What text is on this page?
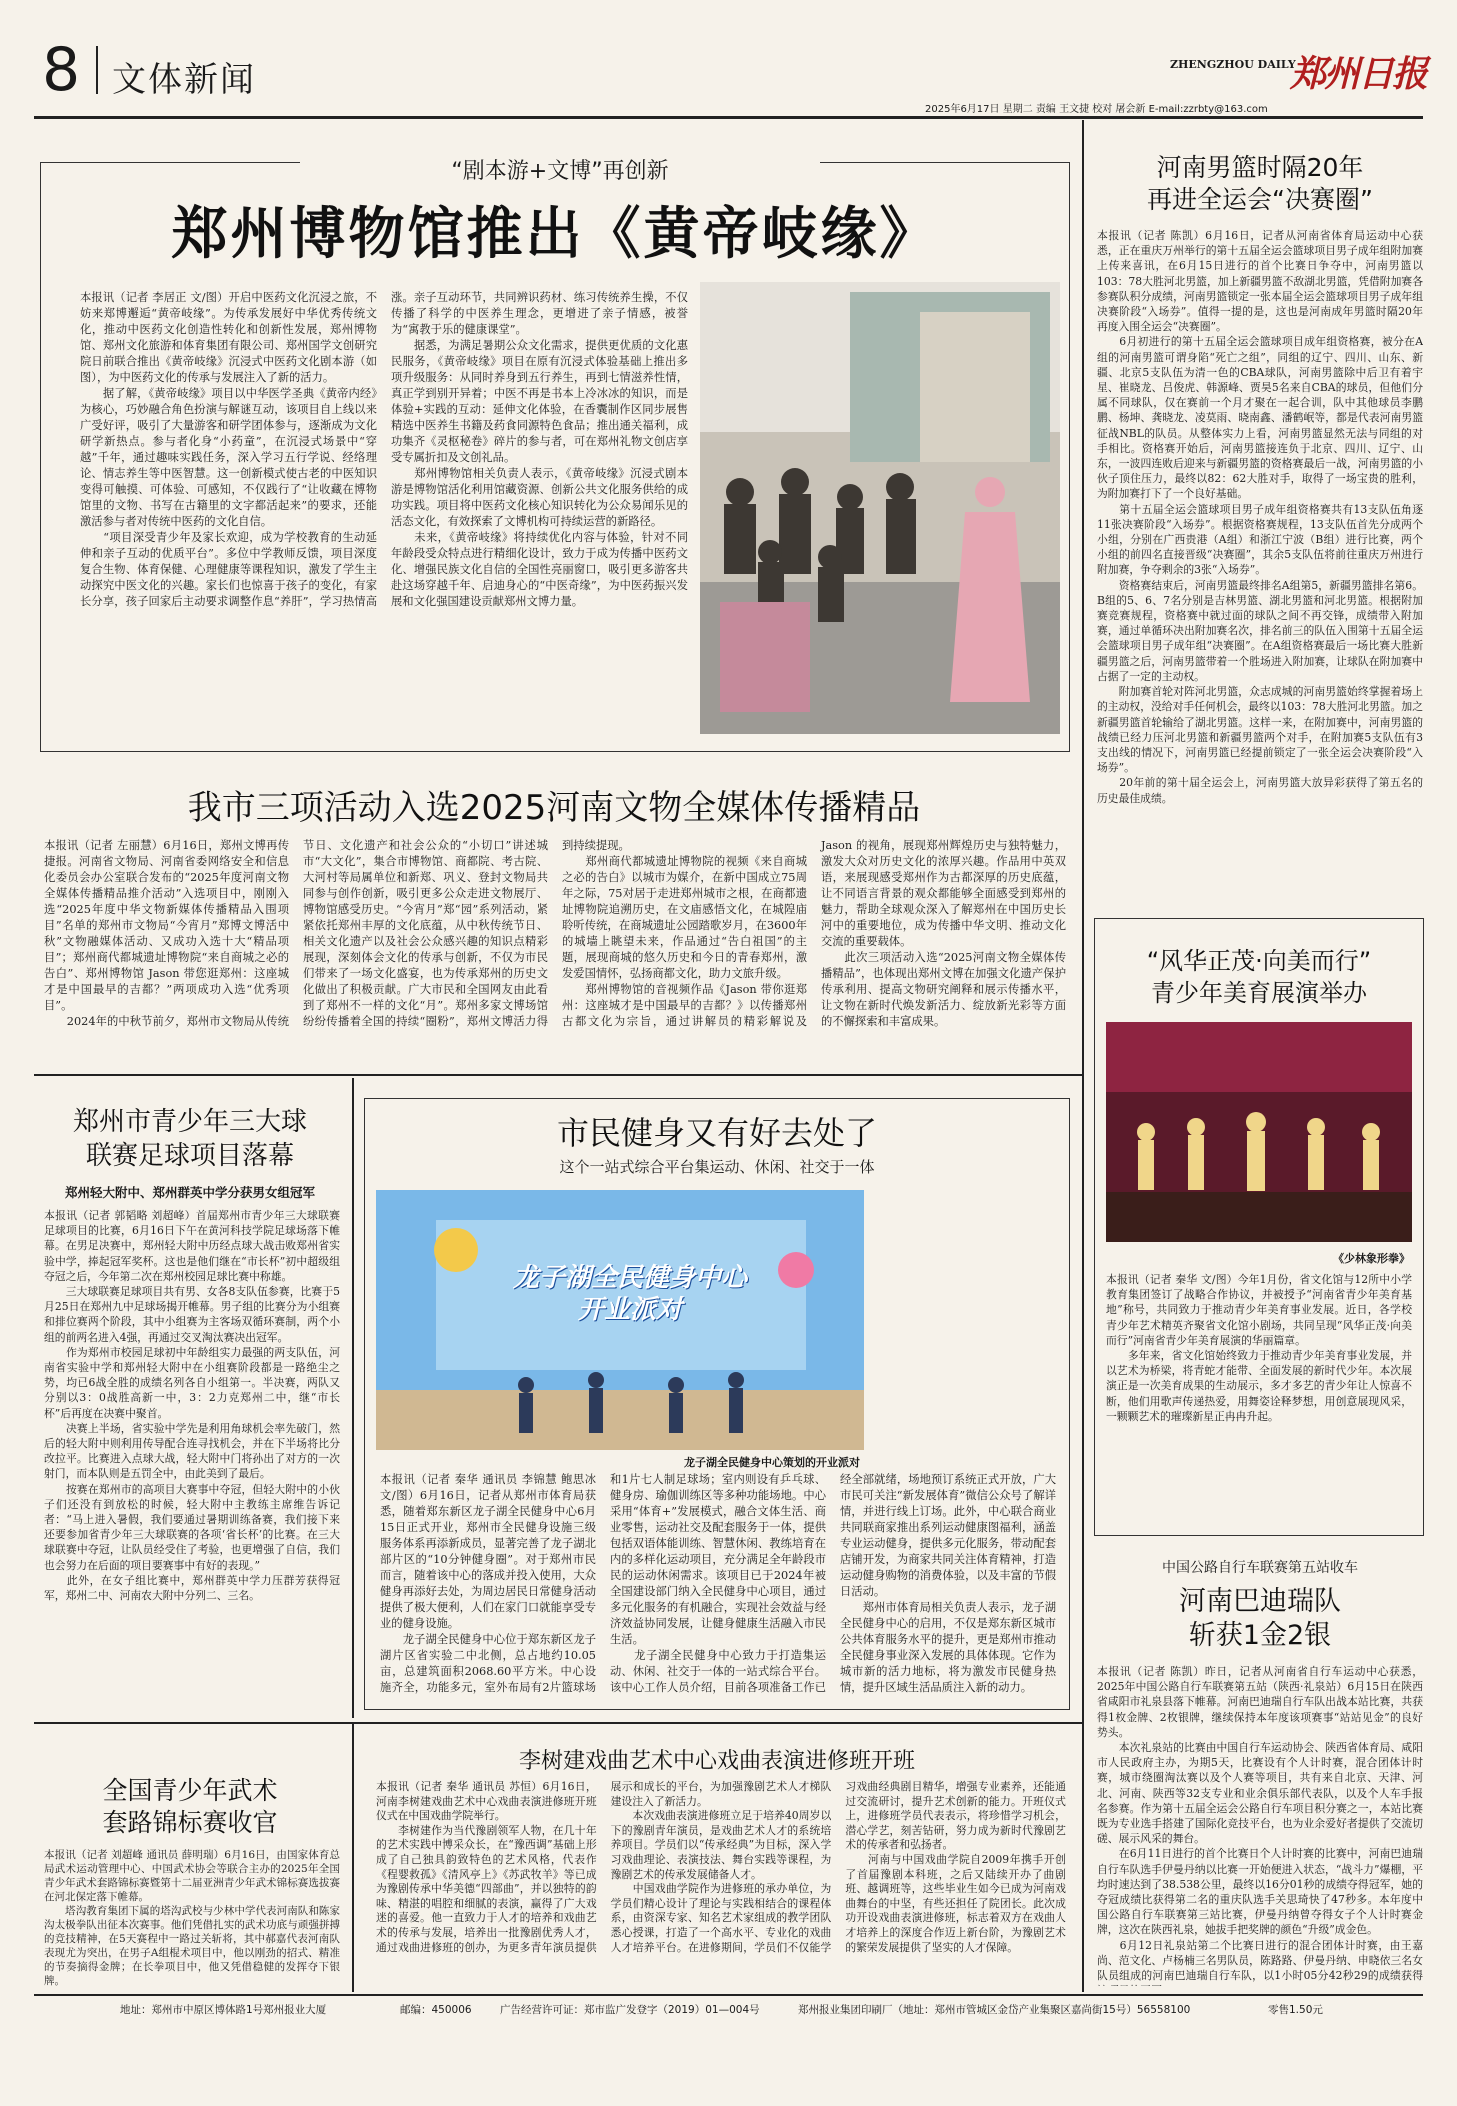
8 文体新闻	ZHENGZHOU DAILY
郑州日报
2025年6月17日 星期二 责编 王文捷 校对 屠会新 E-mail:zzrbty@163.com
“剧本游+文博”再创新
郑州博物馆推出《黄帝岐缘》
本报讯（记者 李居正 文/图）开启中医药文化沉浸之旅，不妨来郑博邂逅“黄帝岐缘”。为传承发展好中华优秀传统文化，推动中医药文化创造性转化和创新性发展，郑州博物馆、郑州文化旅游和体育集团有限公司、郑州国学文创研究院日前联合推出《黄帝岐缘》沉浸式中医药文化剧本游（如图），为中医药文化的传承与发展注入了新的活力。
　　据了解，《黄帝岐缘》项目以中华医学圣典《黄帝内经》为核心，巧妙融合角色扮演与解谜互动，该项目自上线以来广受好评，吸引了大量游客和研学团体参与，逐渐成为文化研学新热点。参与者化身“小药童”，在沉浸式场景中“穿越”千年，通过趣味实践任务，深入学习五行学说、经络理论、情志养生等中医智慧。这一创新模式使古老的中医知识变得可触摸、可体验、可感知，不仅践行了“让收藏在博物馆里的文物、书写在古籍里的文字都活起来”的要求，还能激活参与者对传统中医药的文化自信。
　　“项目深受青少年及家长欢迎，成为学校教育的生动延伸和亲子互动的优质平台”。多位中学教师反馈，项目深度复合生物、体育保健、心理健康等课程知识，激发了学生主动探究中医文化的兴趣。家长们也惊喜于孩子的变化，有家长分享，孩子回家后主动要求调整作息“养肝”，学习热情高涨。亲子互动环节，共同辨识药材、练习传统养生操，不仅传播了科学的中医养生理念，更增进了亲子情感，被誉为“寓教于乐的健康课堂”。
　　据悉，为满足暑期公众文化需求，提供更优质的文化惠民服务，《黄帝岐缘》项目在原有沉浸式体验基础上推出多项升级服务：从同时养身到五行养生，再到七情滋养性情，真正学到别开异着；中医不再是书本上冷冰冰的知识，而是体验+实践的互动：延伸文化体验，在香囊制作区同步展售精选中医养生书籍及药食同源特色食品；推出通关福利，成功集齐《灵枢秘卷》碎片的参与者，可在郑州礼物文创店享受专属折扣及文创礼品。
　　郑州博物馆相关负责人表示，《黄帝岐缘》沉浸式剧本游是博物馆活化利用馆藏资源、创新公共文化服务供给的成功实践。项目将中医药文化核心知识转化为公众易闻乐见的活态文化，有效探索了文博机构可持续运营的新路径。
　　未来，《黄帝岐缘》将持续优化内容与体验，针对不同年龄段受众特点进行精细化设计，致力于成为传播中医药文化、增强民族文化自信的全国性亮丽窗口，吸引更多游客共赴这场穿越千年、启迪身心的“中医奇缘”，为中医药振兴发展和文化强国建设贡献郑州文博力量。
我市三项活动入选2025河南文物全媒体传播精品
本报讯（记者 左丽慧）6月16日，郑州文博再传捷报。河南省文物局、河南省委网络安全和信息化委员会办公室联合发布的“2025年度河南文物全媒体传播精品推介活动”入选项目中，刚刚入选“2025年度中华文物新媒体传播精品入围项目”名单的郑州市文物局“今宵月”郑博文博活中秋”文物融媒体活动、又成功入选十大“精品项目”；郑州商代都城遗址博物院“来自商城之必的告白”、郑州博物馆 Jason 带您逛郑州：这座城才是中国最早的吉都？”两项成功入选“优秀项目”。
　　2024年的中秋节前夕，郑州市文物局从传统节日、文化遗产和社会公众的“小切口”讲述城市“大文化”，集合市博物馆、商都院、考古院、大河村等局属单位和新郑、巩义、登封文物局共同参与创作创新，吸引更多公众走进文物展厅、博物馆感受历史。“今宵月”郑“园”系列活动，紧紧依托郑州丰厚的文化底蕴，从中秋传统节日、相关文化遗产以及社会公众感兴趣的知识点精彩展现，深刻体会文化的传承与创新，不仅为市民们带来了一场文化盛宴，也为传承郑州的历史文化做出了积极贡献。广大市民和全国网友由此看到了郑州不一样的文化“月”。郑州多家文博场馆纷纷传播着全国的持续“圈粉”，郑州文博活力得到持续提现。
　　郑州商代都城遗址博物院的视频《来自商城之必的告白》以城市为媒介，在新中国成立75周年之际，75对居于走进郑州城市之根，在商都遗址博物院追溯历史，在文庙感悟文化，在城隍庙聆听传统，在商城遗址公园踏歌岁月，在3600年的城墙上眺望未来，作品通过“告白祖国”的主题，展现商城的悠久历史和今日的青春郑州，激发爱国情怀，弘扬商都文化，助力文旅升级。
　　郑州博物馆的音视频作品《Jason 带你逛郑州：这座城才是中国最早的吉都？》以传播郑州古都文化为宗旨，通过讲解员的精彩解说及 Jason 的视角，展现郑州辉煌历史与独特魅力，激发大众对历史文化的浓厚兴趣。作品用中英双语，来展现感受郑州作为古都深厚的历史底蕴，让不同语言背景的观众都能够全面感受到郑州的魅力，帮助全球观众深入了解郑州在中国历史长河中的重要地位，成为传播中华文明、推动文化交流的重要载体。
　　此次三项活动入选“2025河南文物全媒体传播精品”，也体现出郑州文博在加强文化遗产保护传承利用、提高文物研究阐释和展示传播水平，让文物在新时代焕发新活力、绽放新光彩等方面的不懈探索和丰富成果。
河南男篮时隔20年
再进全运会“决赛圈”
本报讯（记者 陈凯）6月16日，记者从河南省体育局运动中心获悉，正在重庆万州举行的第十五届全运会篮球项目男子成年组附加赛上传来喜讯，在6月15日进行的首个比赛日争夺中，河南男篮以103：78大胜河北男篮，加上新疆男篮不敌湖北男篮，凭借附加赛各参赛队积分成绩，河南男篮锁定一张本届全运会篮球项目男子成年组决赛阶段“入场券”。值得一提的是，这也是河南成年男篮时隔20年再度入围全运会“决赛圈”。
　　6月初进行的第十五届全运会篮球项目成年组资格赛，被分在A组的河南男篮可谓身陷“死亡之组”，同组的辽宁、四川、山东、新疆、北京5支队伍为清一色的CBA球队，河南男篮除中后卫有着宇星、崔晓龙、吕俊虎、韩源峰、贾昊5名来自CBA的球员，但他们分属不同球队，仅在赛前一个月才聚在一起合训，队中其他球员李鹏鹏、杨坤、龚晓龙、凌莫雨、晓南鑫、潘鹤岷等，都是代表河南男篮征战NBL的队员。从整体实力上看，河南男篮显然无法与同组的对手相比。资格赛开始后，河南男篮接连负于北京、四川、辽宁、山东，一波四连败后迎来与新疆男篮的资格赛最后一战，河南男篮的小伙子顶住压力，最终以82：62大胜对手，取得了一场宝贵的胜利，为附加赛打下了一个良好基础。
　　第十五届全运会篮球项目男子成年组资格赛共有13支队伍角逐11张决赛阶段“入场券”。根据资格赛规程，13支队伍首先分成两个小组，分别在广西贵港（A组）和浙江宁波（B组）进行比赛，两个小组的前四名直接晋级“决赛圈”，其余5支队伍将前往重庆万州进行附加赛，争夺剩余的3张“入场券”。
　　资格赛结束后，河南男篮最终排名A组第5，新疆男篮排名第6。B组的5、6、7名分别是吉林男篮、湖北男篮和河北男篮。根据附加赛竞赛规程，资格赛中就过面的球队之间不再交锋，成绩带入附加赛，通过单循环决出附加赛名次，排名前三的队伍入围第十五届全运会篮球项目男子成年组“决赛圈”。在A组资格赛最后一场比赛大胜新疆男篮之后，河南男篮带着一个胜场进入附加赛，让球队在附加赛中占据了一定的主动权。
　　附加赛首轮对阵河北男篮，众志成城的河南男篮始终掌握着场上的主动权，没给对手任何机会，最终以103：78大胜河北男篮。加之新疆男篮首轮输给了湖北男篮。这样一来，在附加赛中，河南男篮的战绩已经力压河北男篮和新疆男篮两个对手，在附加赛5支队伍有3支出线的情况下，河南男篮已经提前锁定了一张全运会决赛阶段“入场券”。
　　20年前的第十届全运会上，河南男篮大放异彩获得了第五名的历史最佳成绩。
“风华正茂·向美而行”
青少年美育展演举办
《少林象形拳》
本报讯（记者 秦华 文/图）今年1月份，省文化馆与12所中小学教育集团签订了战略合作协议，并被授予“河南省青少年美育基地”称号，共同致力于推动青少年美育事业发展。近日，各学校青少年艺术精英齐聚省文化馆小剧场，共同呈现“风华正茂·向美而行”河南省青少年美育展演的华丽篇章。
　　多年来，省文化馆始终致力于推动青少年美育事业发展，并以艺术为桥梁，将青蛇才能带、全面发展的新时代少年。本次展演正是一次美育成果的生动展示，多才多艺的青少年让人惊喜不断，他们用歌声传递热爱，用舞姿诠释梦想，用创意展现风采，一颗颗艺术的璀璨新星正冉冉升起。
中国公路自行车联赛第五站收车
河南巴迪瑞队
斩获1金2银
本报讯（记者 陈凯）昨日，记者从河南省自行车运动中心获悉，2025年中国公路自行车联赛第五站（陕西·礼泉站）6月15日在陕西省咸阳市礼泉县落下帷幕。河南巴迪瑞自行车队出战本站比赛，共获得1枚金牌、2枚银牌，继续保持本年度该项赛事“站站见金”的良好势头。
　　本次礼泉站的比赛由中国自行车运动协会、陕西省体育局、咸阳市人民政府主办，为期5天，比赛设有个人计时赛，混合团体计时赛，城市绕圈淘汰赛以及个人赛等项目，共有来自北京、天津、河北、河南、陕西等32支专业和业余俱乐部代表队，以及个人车手报名参赛。作为第十五届全运会公路自行车项目积分赛之一，本站比赛既为专业选手搭建了国际化竞技平台，也为业余爱好者提供了交流切磋、展示风采的舞台。
　　在6月11日进行的首个比赛日个人计时赛的比赛中，河南巴迪瑞自行车队选手伊曼丹纳以比赛一开始便进入状态，“战斗力”爆棚，平均时速达到了38.538公里，最终以16分01秒的成绩夺得冠军，她的夺冠成绩比获得第二名的重庆队选手关思琦快了47秒多。本年度中国公路自行车联赛第三站比赛，伊曼丹纳曾夺得女子个人计时赛金牌，这次在陕西礼泉，她拔手把奖牌的颜色“升级”成金色。
　　6月12日礼泉站第二个比赛日进行的混合团体计时赛，由王嘉尚、范文化、卢杨楠三名男队员，陈路路、伊曼丹纳、申晓依三名女队员组成的河南巴迪瑞自行车队，以1小时05分42秒29的成绩获得

郑州市青少年三大球
联赛足球项目落幕
郑州轻大附中、郑州群英中学分获男女组冠军
本报讯（记者 郭韬略 刘超峰）首届郑州市青少年三大球联赛足球项目的比赛，6月16日下午在黄河科技学院足球场落下帷幕。在男足决赛中，郑州轻大附中历经点球大战击败郑州省实验中学，捧起冠军奖杯。这也是他们继在“市长杯”初中超级组夺冠之后，今年第二次在郑州校园足球比赛中称雄。
　　三大球联赛足球项目共有男、女各8支队伍参赛，比赛于5月25日在郑州九中足球场揭开帷幕。男子组的比赛分为小组赛和排位赛两个阶段，其中小组赛为主客场双循环赛制，两个小组的前两名进入4强，再通过交叉淘汰赛决出冠军。
　　作为郑州市校园足球初中年龄组实力最强的两支队伍，河南省实验中学和郑州轻大附中在小组赛阶段都是一路绝尘之势，均已6战全胜的成绩名列各自小组第一。半决赛，两队又分别以3：0战胜高新一中，3：2力克郑州二中，继“市长杯”后再度在决赛中聚首。
　　决赛上半场，省实验中学先是利用角球机会率先破门，然后的轻大附中则利用传导配合连寻找机会，并在下半场将比分改拉平。比赛进入点球大战，轻大附中门将孙出了对方的一次射门，而本队则是五罚全中，由此美到了最后。
　　按赛在郑州市的高项目大赛事中夺冠，但轻大附中的小伙子们还没有到放松的时候，轻大附中主教练主席维告诉记者：“马上进入暑假，我们要通过暑期训练备赛，我们接下来还要参加省青少年三大球联赛的各项‘省长杯’的比赛。在三大球联赛中夺冠，让队员经受住了考验，也更增强了自信，我们也会努力在后面的项目要赛事中有好的表现。”
　　此外，在女子组比赛中，郑州群英中学力压群芳获得冠军，郑州二中、河南农大附中分列二、三名。
市民健身又有好去处了
这个一站式综合平台集运动、休闲、社交于一体
龙子湖全民健身中心
开业派对
龙子湖全民健身中心策划的开业派对
本报讯（记者 秦华 通讯员 李锦慧 鲍思冰 文/图）6月16日，记者从郑州市体育局获悉，随着郑东新区龙子湖全民健身中心6月15日正式开业，郑州市全民健身设施三级服务体系再添新成员，显著完善了龙子湖北部片区的“10分钟健身圈”。对于郑州市民而言，随着该中心的落成并投入使用，大众健身再添好去处，为周边居民日常健身活动提供了极大便利，人们在家门口就能享受专业的健身设施。
　　龙子湖全民健身中心位于郑东新区龙子湖片区省实验二中北侧，总占地约10.05亩，总建筑面积2068.60平方米。中心设施齐全，功能多元，室外布局有2片篮球场和1片七人制足球场；室内则设有乒乓球、健身房、瑜伽训练区等多种功能场地。中心采用“体育+”发展模式，融合文体生活、商业零售，运动社交及配套服务于一体，提供包括双语体能训练、智慧休闲、教练培育在内的多样化运动项目，充分满足全年龄段市民的运动休闲需求。该项目已于2024年被全国建设部门纳入全民健身中心项目，通过多元化服务的有机融合，实现社会效益与经济效益协同发展，让健身健康生活融入市民生活。
　　龙子湖全民健身中心致力于打造集运动、休闲、社交于一体的一站式综合平台。该中心工作人员介绍，目前各项准备工作已经全部就绪，场地预订系统正式开放，广大市民可关注“新发展体育”微信公众号了解详情，并进行线上订场。此外，中心联合商业共同联商家推出系列运动健康图福利，涵盖专业运动健身，提供多元化服务，带动配套店铺开发，为商家共同关注体育精神，打造运动健身购物的消费体验，以及丰富的节假日活动。
　　郑州市体育局相关负责人表示，龙子湖全民健身中心的启用，不仅是郑东新区城市公共体育服务水平的提升，更是郑州市推动全民健身事业深入发展的具体体现。它作为城市新的活力地标，将为激发市民健身热情，提升区域生活品质注入新的动力。
全国青少年武术
套路锦标赛收官
本报讯（记者 刘超峰 通讯员 薛明瑞）6月16日，由国家体育总局武术运动管理中心、中国武术协会等联合主办的2025年全国青少年武术套路锦标赛暨第十二届亚洲青少年武术锦标赛选拔赛在河北保定落下帷幕。
　　塔沟教育集团下属的塔沟武校与少林中学代表河南队和陈家沟太极拳队出征本次赛事。他们凭借扎实的武术功底与顽强拼搏的竞技精神，在5天赛程中一路过关斩将，其中郝嘉代表河南队表现尤为突出，在男子A组棍术项目中，他以刚劲的招式、精准的节奏摘得金牌；在长拳项目中，他又凭借稳健的发挥夺下银牌。

李树建戏曲艺术中心戏曲表演进修班开班
本报讯（记者 秦华 通讯员 苏恒）6月16日，河南李树建戏曲艺术中心戏曲表演进修班开班仪式在中国戏曲学院举行。
　　李树建作为当代豫剧领军人物，在几十年的艺术实践中博采众长，在“豫西调”基础上形成了自己独具韵致特色的艺术风格，代表作《程婴救孤》《清风亭上》《苏武牧羊》等已成为豫剧传承中华美德“四部曲”，并以独特的韵味、精湛的唱腔和细腻的表演，赢得了广大戏迷的喜爱。他一直致力于人才的培养和戏曲艺术的传承与发展，培养出一批豫剧优秀人才，通过戏曲进修班的创办，为更多青年演员提供展示和成长的平台，为加强豫剧艺术人才梯队建设注入了新活力。
　　本次戏曲表演进修班立足于培养40周岁以下的豫剧青年演员，是戏曲艺术人才的系统培养项目。学员们以“传承经典”为目标，深入学习戏曲理论、表演技法、舞台实践等课程，为豫剧艺术的传承发展储备人才。
　　中国戏曲学院作为进修班的承办单位，为学员们精心设计了理论与实践相结合的课程体系，由资深专家、知名艺术家组成的教学团队悉心授课，打造了一个高水平、专业化的戏曲人才培养平台。在进修期间，学员们不仅能学习戏曲经典剧目精华，增强专业素养，还能通过交流研讨，提升艺术创新的能力。开班仪式上，进修班学员代表表示，将珍惜学习机会，潜心学艺，刻苦钻研，努力成为新时代豫剧艺术的传承者和弘扬者。
　　河南与中国戏曲学院自2009年携手开创了首届豫剧本科班，之后又陆续开办了曲剧班、越调班等，这些毕业生如今已成为河南戏曲舞台的中坚，有些还担任了院团长。此次成功开设戏曲表演进修班，标志着双方在戏曲人才培养上的深度合作迈上新台阶，为豫剧艺术的繁荣发展提供了坚实的人才保障。
地址：郑州市中原区博体路1号郑州报业大厦	邮编：450006	广告经营许可证：郑市监广发登字（2019）01—004号	郑州报业集团印刷厂（地址：郑州市管城区金岱产业集聚区嘉尚街15号）56558100	零售1.50元
